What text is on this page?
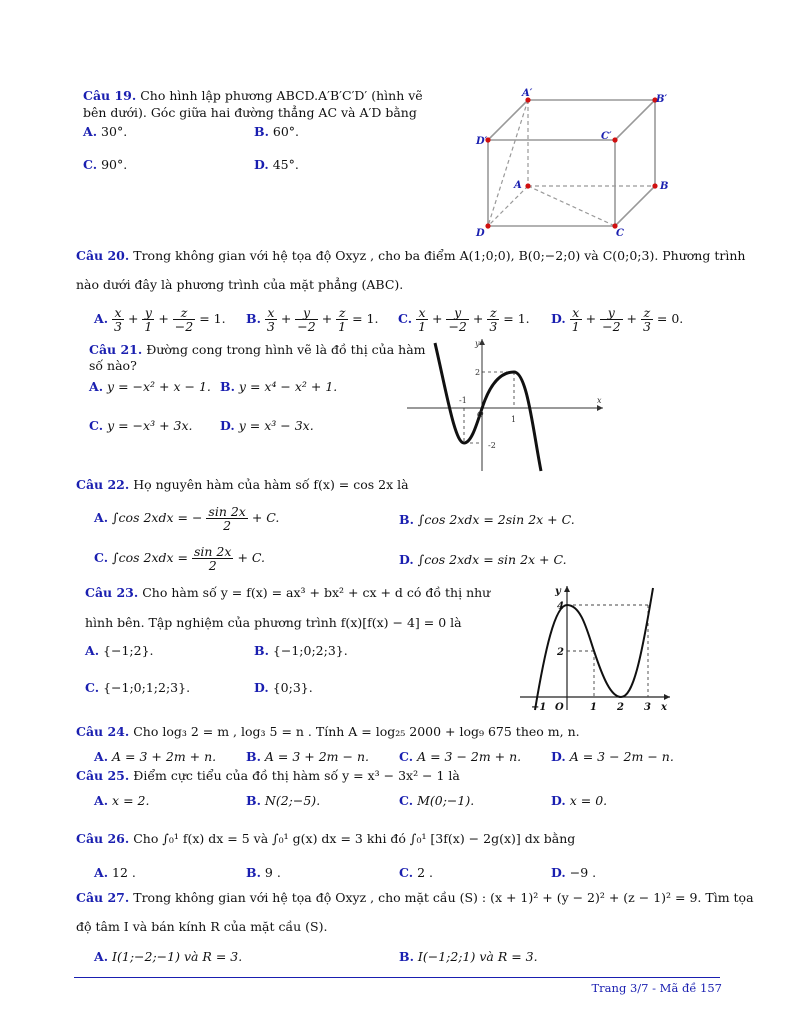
Câu 19. Cho hình lập phương ABCD.A′B′C′D′ (hình vẽ
bên dưới). Góc giữa hai đường thẳng AC và A′D bằng
A. 30°.	B. 60°.
C. 90°.	D. 45°.
A′
B′
D′	C′
A	B
D	C
Câu 20. Trong không gian với hệ tọa độ Oxyz , cho ba điểm A(1;0;0), B(0;−2;0) và C(0;0;3). Phương trình
nào dưới đây là phương trình của mặt phẳng (ABC).
A. $\frac{x}{3} + \frac{y}{1} + \frac{z}{-2} = 1$. B. $\frac{x}{3} + \frac{y}{-2} + \frac{z}{1} = 1$. C. $\frac{x}{1} + \frac{y}{-2} + \frac{z}{3} = 1$. D. $\frac{x}{1} + \frac{y}{-2} + \frac{z}{3} = 0$.
Câu 21. Đường cong trong hình vẽ là đồ thị của hàm
số nào?
A. y = −x² + x − 1. B. y = x⁴ − x² + 1.
C. y = −x³ + 3x. D. y = x³ − 3x.
y
x
O
-1
1
2
-2
Câu 22. Họ nguyên hàm của hàm số f(x) = cos 2x là
A. ∫cos 2xdx = − $\frac{\sin 2x}{2} + C$.	B. ∫cos 2xdx = 2sin 2x + C.
C. ∫cos $2xdx = \frac{\sin 2x}{2} + C$.	D. ∫cos 2xdx = sin 2x + C.
Câu 23. Cho hàm số y = f(x) = ax³ + bx² + cx + d có đồ thị như
hình bên. Tập nghiệm của phương trình f(x)[f(x) − 4] = 0 là
A. {−1;2}.	B. {−1;0;2;3}.
C. {−1;0;1;2;3}.	D. {0;3}.
y
x
O
4
2
−1	1 2 3
Câu 24. Cho log₃ 2 = m , log₃ 5 = n . Tính A = log₂₅ 2000 + log₉ 675 theo m, n.
A. A = 3 + 2m + n. B. A = 3 + 2m − n. C. A = 3 − 2m + n. D. A = 3 − 2m − n.
Câu 25. Điểm cực tiểu của đồ thị hàm số y = x³ − 3x² − 1 là
A. x = 2.	B. N(2;−5).	C. M(0;−1).	D. x = 0.
Câu 26. Cho ∫₀¹ f(x) dx = 5 và ∫₀¹ g(x) dx = 3 khi đó ∫₀¹ [3f(x) − 2g(x)] dx bằng
A. 12 .	B. 9 .	C. 2 .	D. −9 .
Câu 27. Trong không gian với hệ tọa độ Oxyz , cho mặt cầu (S) : (x + 1)² + (y − 2)² + (z − 1)² = 9. Tìm tọa
độ tâm I và bán kính R của mặt cầu (S).
A. I(1;−2;−1) và R = 3.	B. I(−1;2;1) và R = 3.
Trang 3/7 - Mã đề 157
